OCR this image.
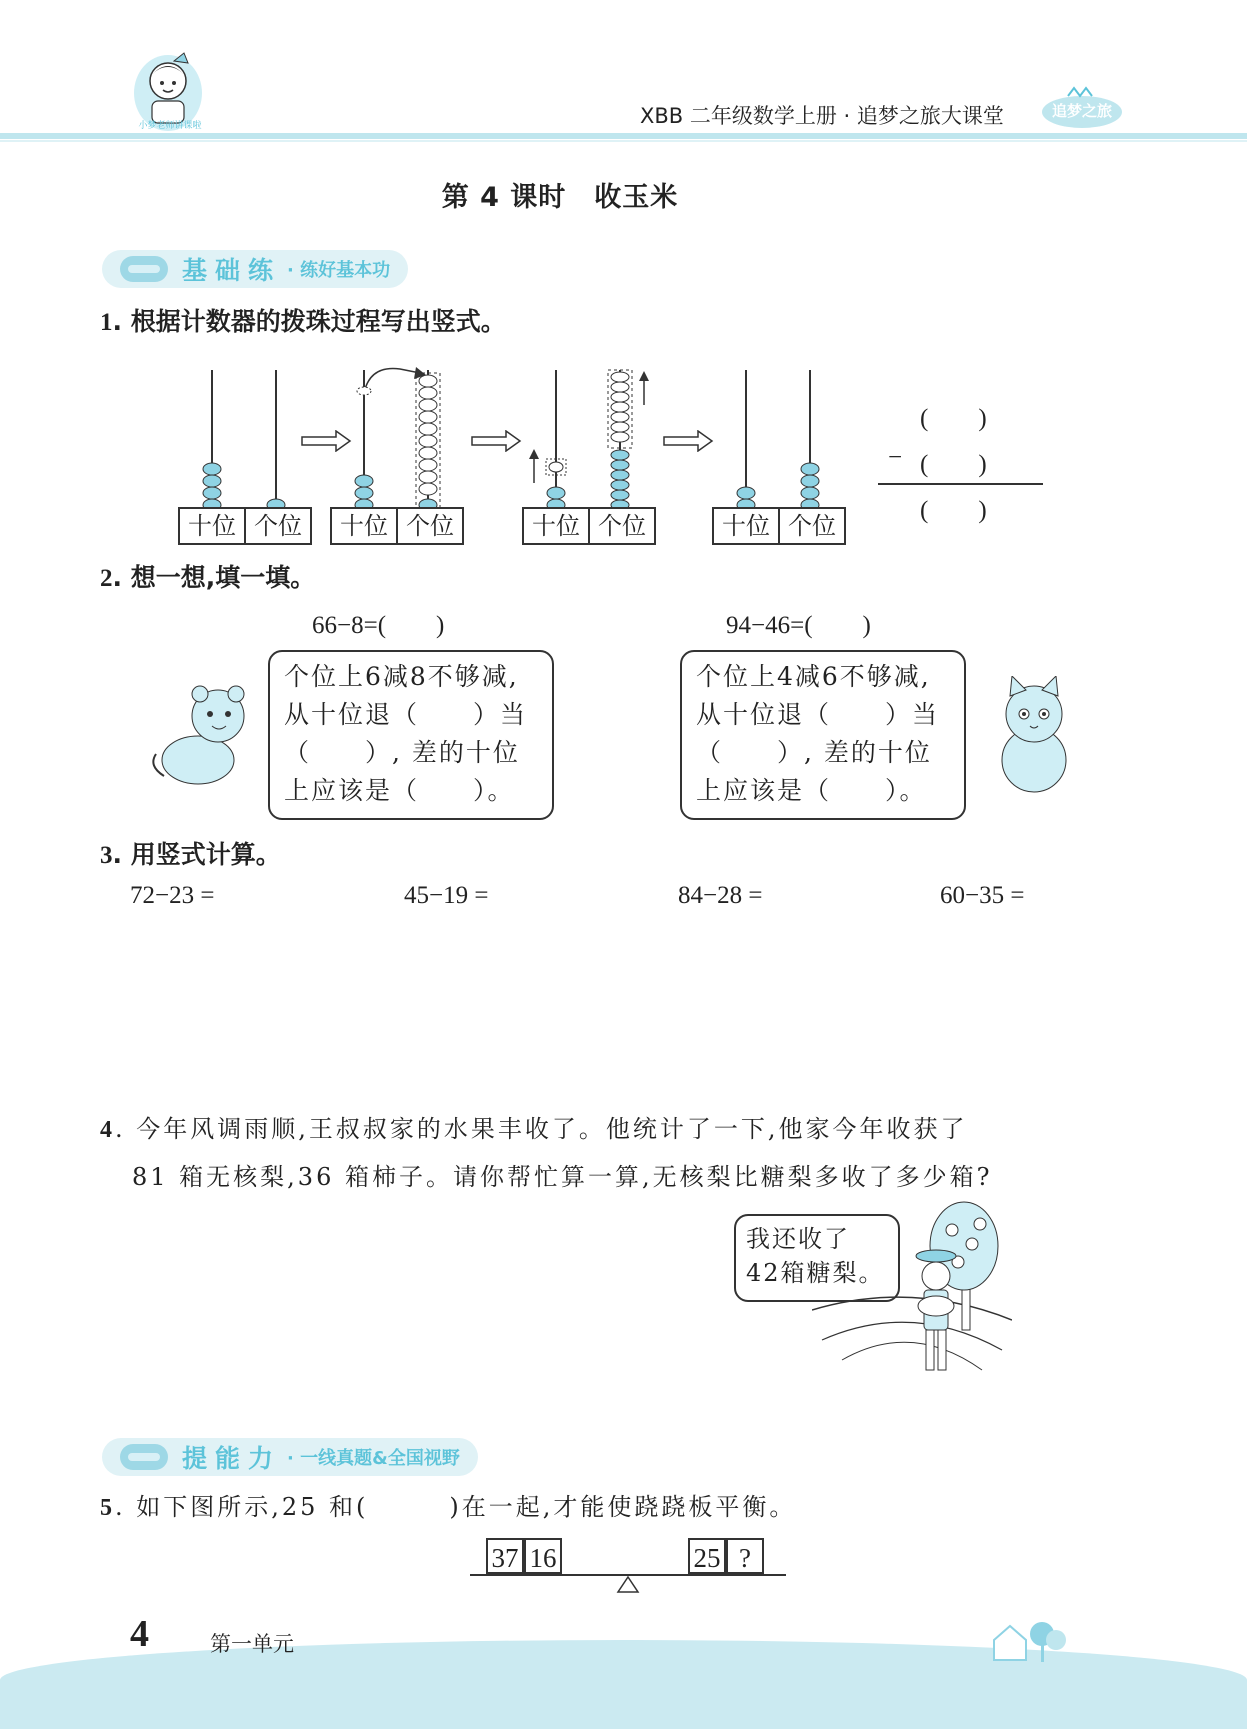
小梦老师讲课啦	XBB 二年级数学上册 · 追梦之旅大课堂	追梦之旅
第 4 课时　收玉米
基础练 · 练好基本功
1. 根据计数器的拨珠过程写出竖式。
十位 个位	十位 个位	十位 个位	十位 个位
(　　)
− (　　)
(　　)
2. 想一想,填一填。
66−8=(　　)	94−46=(　　)
个位上6减8不够减,
从十位退（　　）当
（　　）, 差的十位
上应该是（　　）。
个位上4减6不够减,
从十位退（　　）当
（　　）, 差的十位
上应该是（　　）。
3. 用竖式计算。
72−23 =	45−19 =	84−28 =	60−35 =
4. 今年风调雨顺,王叔叔家的水果丰收了。他统计了一下,他家今年收获了
81 箱无核梨,36 箱柿子。请你帮忙算一算,无核梨比糖梨多收了多少箱?
我还收了
42箱糖梨。
提能力 · 一线真题&全国视野
5. 如下图所示,25 和(　　　)在一起,才能使跷跷板平衡。
37 16	25 ?
4	第一单元
